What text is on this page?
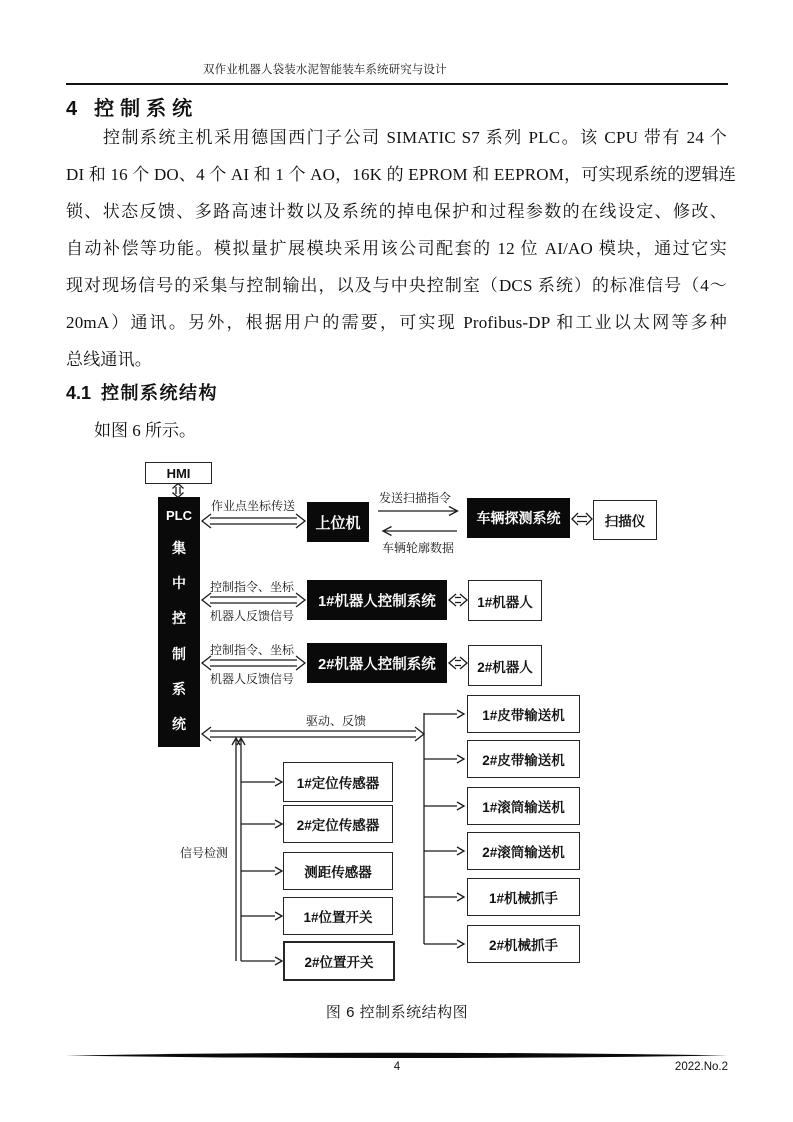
双作业机器人袋装水泥智能装车系统研究与设计
4 控制系统
控制系统主机采用德国西门子公司 SIMATIC S7 系列 PLC。该 CPU 带有 24 个
DI 和 16 个 DO、4 个 AI 和 1 个 AO，16K 的 EPROM 和 EEPROM，可实现系统的逻辑连
锁、状态反馈、多路高速计数以及系统的掉电保护和过程参数的在线设定、修改、
自动补偿等功能。模拟量扩展模块采用该公司配套的 12 位 AI/AO 模块，通过它实
现对现场信号的采集与控制输出，以及与中央控制室（DCS 系统）的标准信号（4～
20mA）通讯。另外，根据用户的需要，可实现 Profibus-DP 和工业以太网等多种
总线通讯。
4.1 控制系统结构
如图 6 所示。
HMI
PLC
集
中
控
制
系
统
上位机	车辆探测系统	扫描仪
1#机器人控制系统	1#机器人
2#机器人控制系统	2#机器人
1#定位传感器
2#定位传感器
测距传感器
1#位置开关
2#位置开关
1#皮带输送机
2#皮带输送机
1#滚筒输送机
2#滚筒输送机
1#机械抓手
2#机械抓手
作业点坐标传送
发送扫描指令
车辆轮廓数据
控制指令、坐标
机器人反馈信号
控制指令、坐标
机器人反馈信号
驱动、反馈
信号检测
图 6 控制系统结构图
4	2022.No.2
